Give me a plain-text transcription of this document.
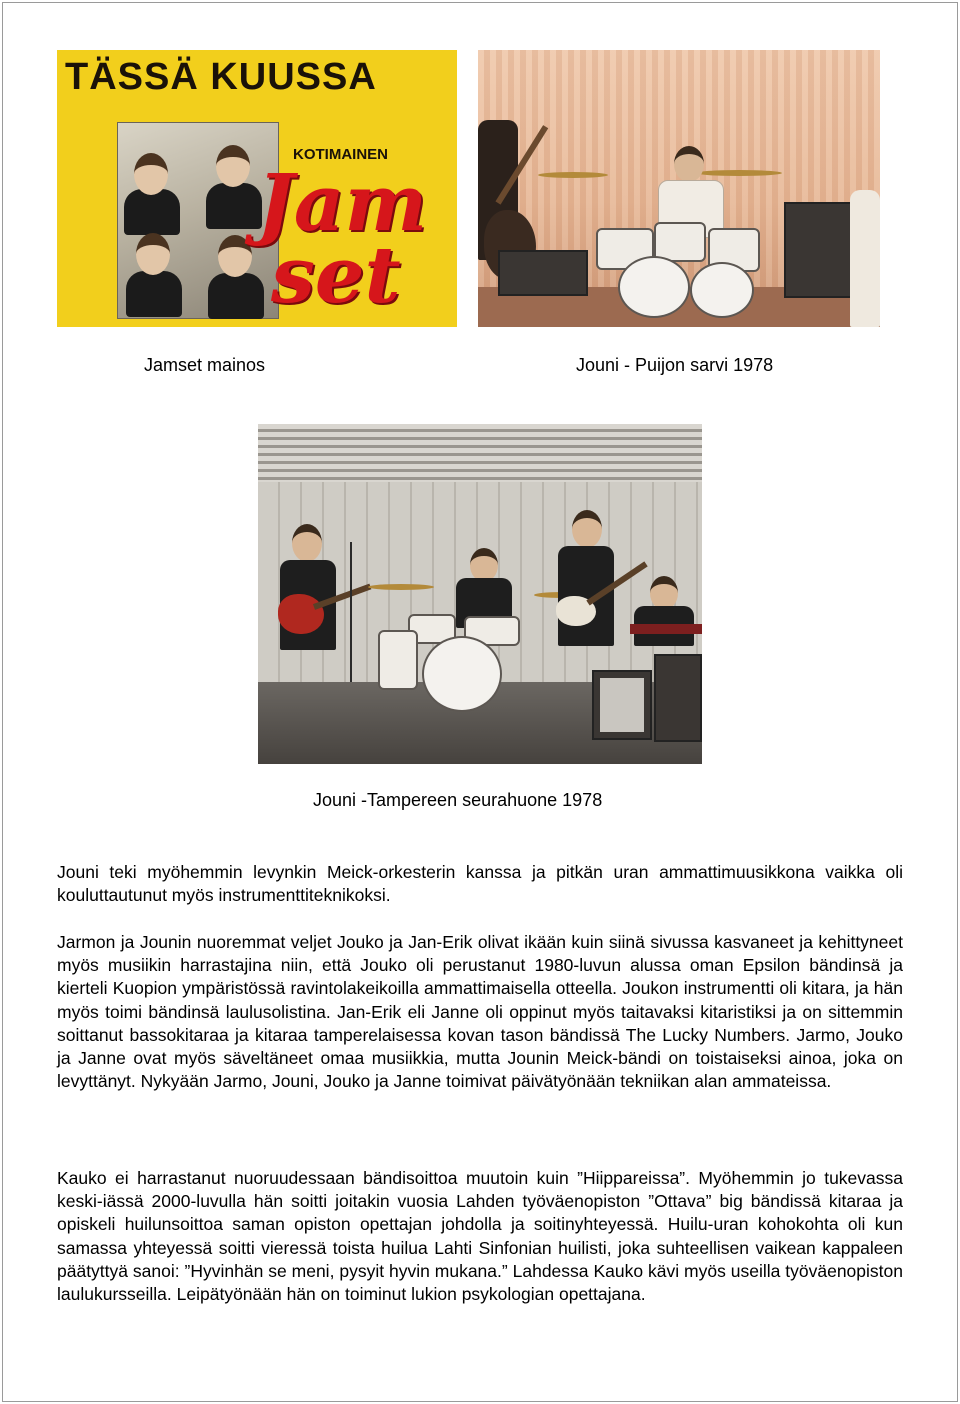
TÄSSÄ KUUSSA
KOTIMAINEN
Jam
set
Jamset mainos	Jouni - Puijon sarvi 1978
Jouni -Tampereen seurahuone 1978

Jouni teki myöhemmin levynkin Meick-orkesterin kanssa ja pitkän uran ammattimuusikkona vaikka oli kouluttautunut myös instrumenttiteknikoksi.

Jarmon ja Jounin nuoremmat veljet Jouko ja Jan-Erik olivat ikään kuin siinä sivussa kasvaneet ja kehittyneet myös musiikin harrastajina niin, että Jouko oli perustanut 1980-luvun alussa oman Epsilon bändinsä ja kierteli Kuopion ympäristössä ravintolakeikoilla ammattimaisella otteella. Joukon instrumentti oli kitara, ja hän myös toimi bändinsä laulusolistina. Jan-Erik eli Janne oli oppinut myös taitavaksi kitaristiksi ja on sittemmin soittanut bassokitaraa ja kitaraa tamperelaisessa kovan tason bändissä The Lucky Numbers. Jarmo, Jouko ja Janne ovat myös säveltäneet omaa musiikkia, mutta Jounin Meick-bändi on toistaiseksi ainoa, joka on levyttänyt. Nykyään Jarmo, Jouni, Jouko ja Janne toimivat päivätyönään tekniikan alan ammateissa.

Kauko ei harrastanut nuoruudessaan bändisoittoa muutoin kuin ”Hiippareissa”. Myöhemmin jo tukevassa keski-iässä 2000-luvulla hän soitti joitakin vuosia Lahden työväenopiston ”Ottava” big bändissä kitaraa ja opiskeli huilunsoittoa saman opiston opettajan johdolla ja soitinyhteyessä. Huilu-uran kohokohta oli kun samassa yhteyessä soitti vieressä toista huilua Lahti Sinfonian huilisti, joka suhteellisen vaikean kappaleen päätyttyä sanoi: ”Hyvinhän se meni, pysyit hyvin mukana.” Lahdessa Kauko kävi myös useilla työväenopiston laulukursseilla. Leipätyönään hän on toiminut lukion psykologian opettajana.
